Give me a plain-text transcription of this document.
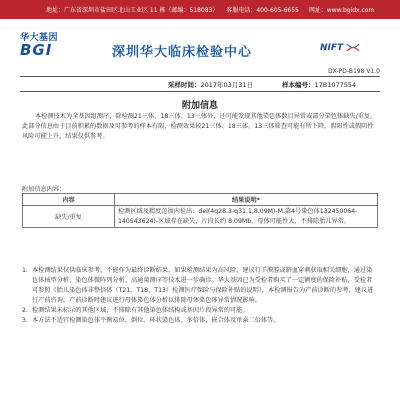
地址：广东省深圳市盐田区北山工业区 11 栋（邮编：518083） 客服电话：400-605-6655 网址：www.bgidx.com
华大基因
BGI	深圳华大临床检验中心	NIFT
DX-PD-B198 V1.0
采样时间：2017年03月31日	样本编号：17B1077554
附加信息
本检测技术为全基因组测序，除检测21三体、18三体、13三体外，还可能发现其他染色体数目异常或部分染色体缺失/重复。此部分信息由于目前积累的数据及可参考的样本有限，检测效果较21三体、18三体、13三体筛查可能有所下降，假阳性或假阴性风险可能上升，结果仅供参考。
附加信息内容：
内容	结果说明*
缺失/重复	检测区域及精度范围内检出：del(4q28.3-q31.1,8.09M)-M,第4号染色体132450064-140543624)-区域存在缺失，片段长约 8.09Mb，母体可能性大，不排除胎儿异常。
1. 本检测结果仅供临床参考，不能作为最终诊断结果。如果检测结果为高风险，建议行羊膜腔或脐血穿刺获取相关细胞，通过染色体核型分析、染色体微阵列分析、高通量测序等技术进一步确诊。华大基因已为受检者购买了一定额度的保险补贴，受检者可参照《胎儿染色体非整倍体（T21、T18、T13）检测医疗保险与保险补贴的说明》，本检测报告为产前诊断的参考，建议进行产前咨询。产前诊断时建议进行母体染色体分析以排除母体染色体异常情况影响。
2. 检测结果未标示的其他区域，不排除有其他染色体结构或基因片段异常的可能。
3. 本方法不适宜检测染色体平衡易位、倒位、环状染色体、多倍体、嵌合体及单亲二倍体等。
